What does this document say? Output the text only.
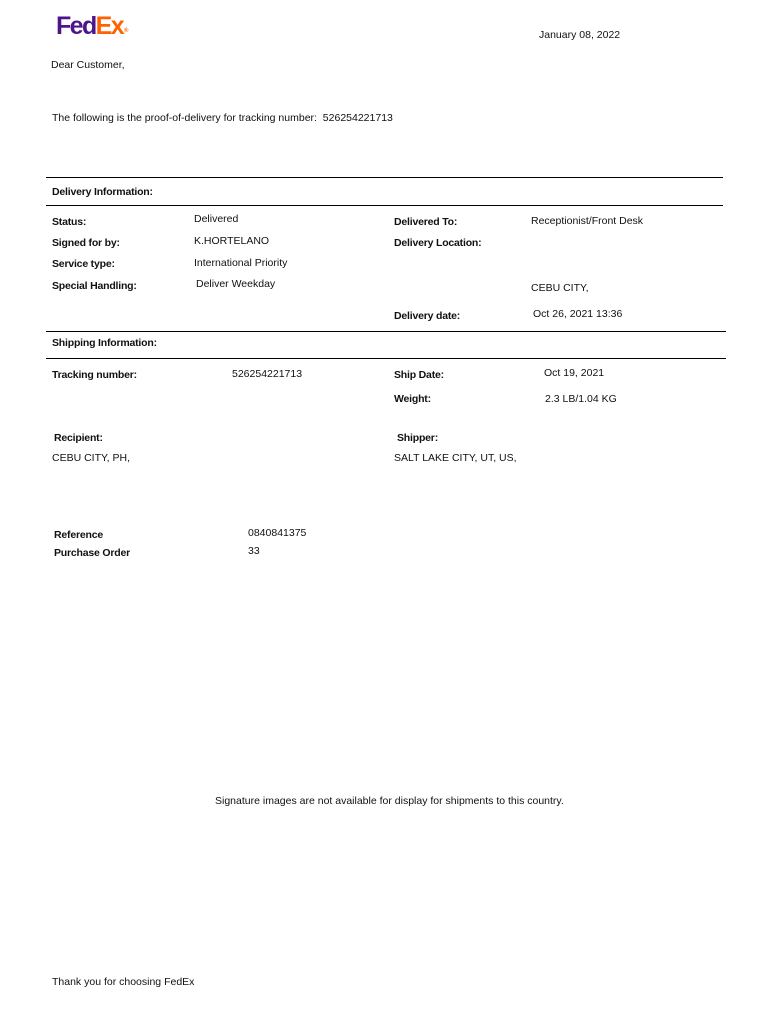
FedEx®	January 08, 2022
Dear Customer,
The following is the proof-of-delivery for tracking number: 526254221713
Delivery Information:
Status:	Delivered
Signed for by:	K.HORTELANO
Service type:	International Priority
Special Handling:	Deliver Weekday
Delivered To:	Receptionist/Front Desk
Delivery Location:
CEBU CITY,
Delivery date:	Oct 26, 2021 13:36
Shipping Information:
Tracking number:	526254221713	Ship Date:	Oct 19, 2021
Weight:	2.3 LB/1.04 KG
Recipient:
CEBU CITY, PH,
Shipper:
SALT LAKE CITY, UT, US,
Reference	0840841375
Purchase Order	33
Signature images are not available for display for shipments to this country.
Thank you for choosing FedEx
